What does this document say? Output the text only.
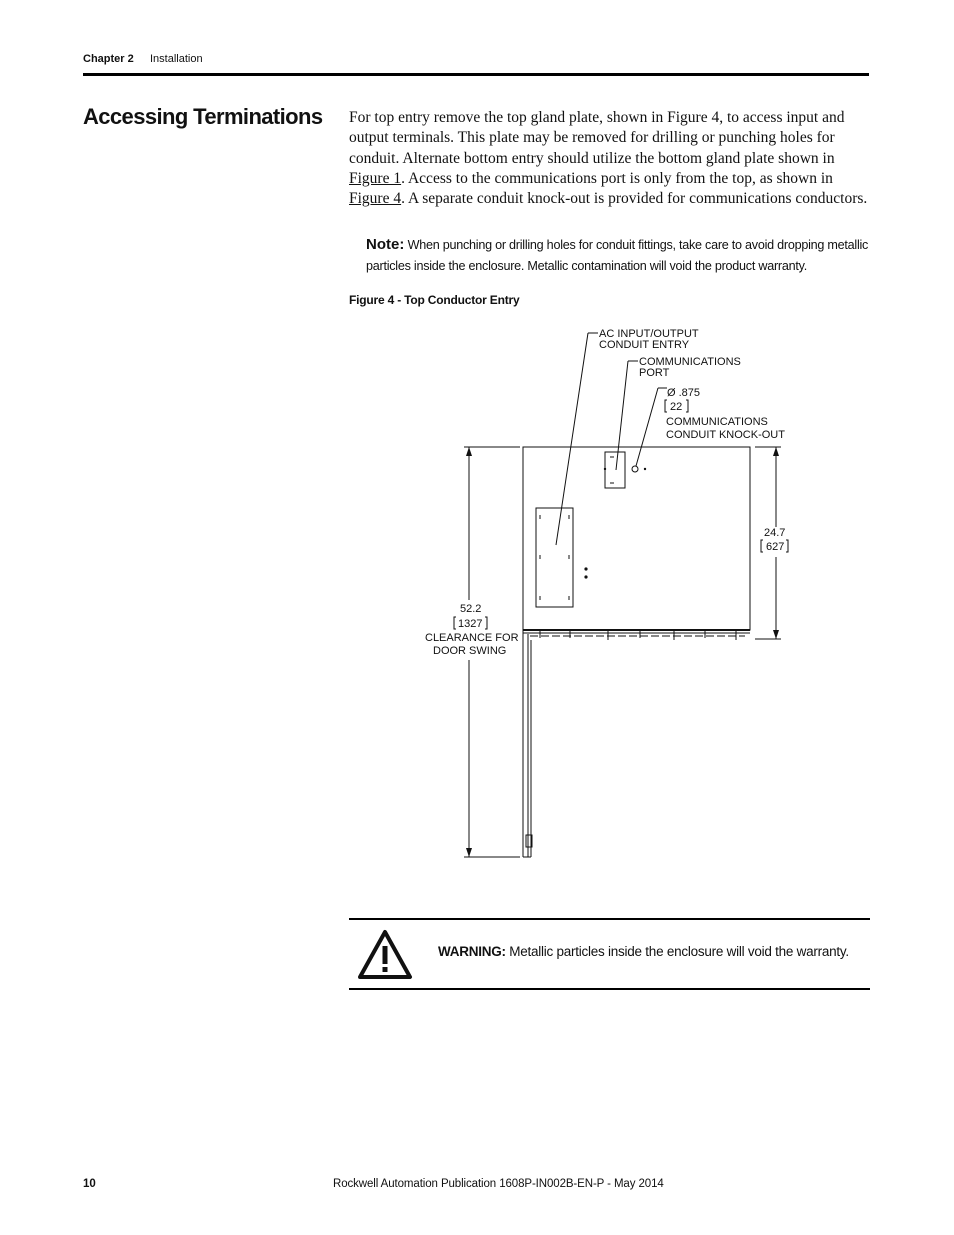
Chapter 2 Installation
Accessing Terminations For top entry remove the top gland plate, shown in Figure 4, to access input and output terminals. This plate may be removed for drilling or punching holes for conduit. Alternate bottom entry should utilize the bottom gland plate shown in Figure 1. Access to the communications port is only from the top, as shown in Figure 4. A separate conduit knock-out is provided for communications conductors.

Note: When punching or drilling holes for conduit fittings, take care to avoid dropping metallic particles inside the enclosure. Metallic contamination will void the product warranty.

Figure 4 - Top Conductor Entry
AC INPUT/OUTPUT
CONDUIT ENTRY
COMMUNICATIONS
PORT
Ø .875
22
COMMUNICATIONS
CONDUIT KNOCK-OUT
24.7
627
52.2
1327
CLEARANCE FOR
DOOR SWING
WARNING: Metallic particles inside the enclosure will void the warranty.
10	Rockwell Automation Publication 1608P-IN002B-EN-P - May 2014
